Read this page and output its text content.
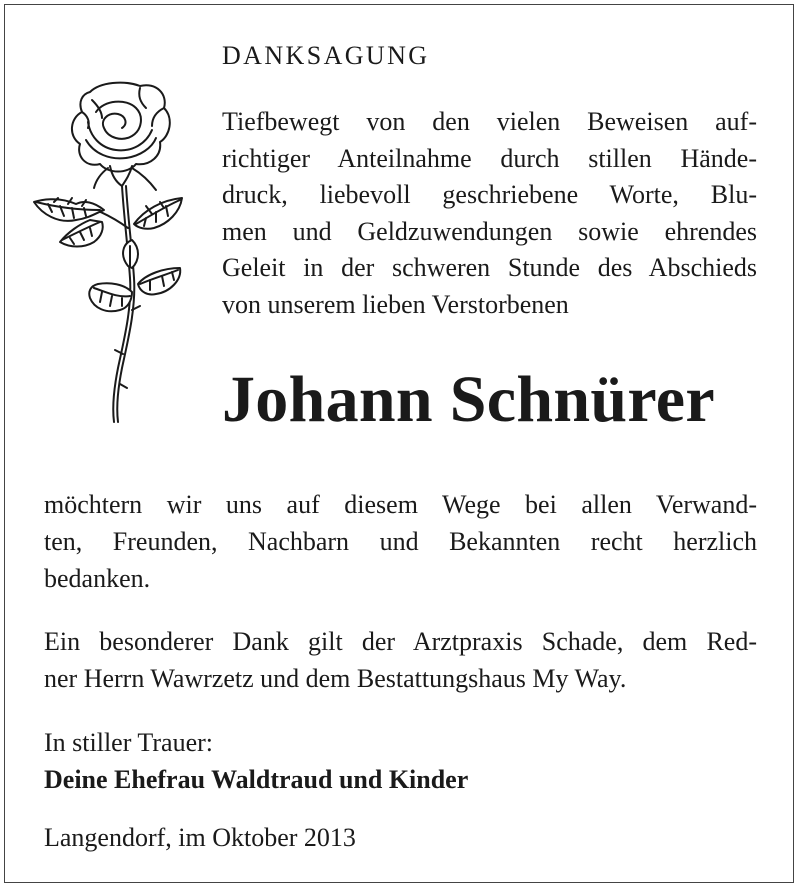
DANKSAGUNG
Tiefbewegt von den vielen Beweisen auf-
richtiger Anteilnahme durch stillen Hände-
druck, liebevoll geschriebene Worte, Blu-
men und Geldzuwendungen sowie ehrendes
Geleit in der schweren Stunde des Abschieds
von unserem lieben Verstorbenen
Johann Schnürer
möchtern wir uns auf diesem Wege bei allen Verwand-
ten, Freunden, Nachbarn und Bekannten recht herzlich
bedanken.
Ein besonderer Dank gilt der Arztpraxis Schade, dem Red-
ner Herrn Wawrzetz und dem Bestattungshaus My Way.
In stiller Trauer:
Deine Ehefrau Waldtraud und Kinder
Langendorf, im Oktober 2013
